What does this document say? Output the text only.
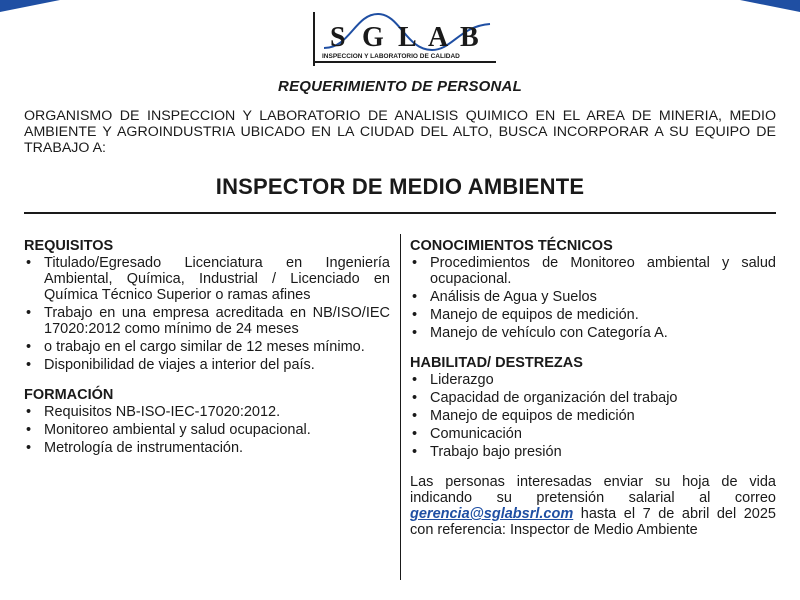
S G L A B
INSPECCION Y LABORATORIO DE CALIDAD
REQUERIMIENTO DE PERSONAL
ORGANISMO DE INSPECCION Y LABORATORIO DE ANALISIS QUIMICO EN EL AREA DE MINERIA, MEDIO AMBIENTE Y AGROINDUSTRIA UBICADO EN LA CIUDAD DEL ALTO, BUSCA INCORPORAR A SU EQUIPO DE TRABAJO A:
INSPECTOR DE MEDIO AMBIENTE
REQUISITOS
• Titulado/Egresado Licenciatura en Ingeniería Ambiental, Química, Industrial / Licenciado en Química Técnico Superior o ramas afines
• Trabajo en una empresa acreditada en NB/ISO/IEC 17020:2012 como mínimo de 24 meses
• o trabajo en el cargo similar de 12 meses mínimo.
• Disponibilidad de viajes a interior del país.
FORMACIÓN
• Requisitos NB-ISO-IEC-17020:2012.
• Monitoreo ambiental y salud ocupacional.
• Metrología de instrumentación.
CONOCIMIENTOS TÉCNICOS
• Procedimientos de Monitoreo ambiental y salud ocupacional.
• Análisis de Agua y Suelos
• Manejo de equipos de medición.
• Manejo de vehículo con Categoría A.
HABILITAD/ DESTREZAS
• Liderazgo
• Capacidad de organización del trabajo
• Manejo de equipos de medición
• Comunicación
• Trabajo bajo presión
Las personas interesadas enviar su hoja de vida indicando su pretensión salarial al correo gerencia@sglabsrl.com hasta el 7 de abril del 2025 con referencia: Inspector de Medio Ambiente
